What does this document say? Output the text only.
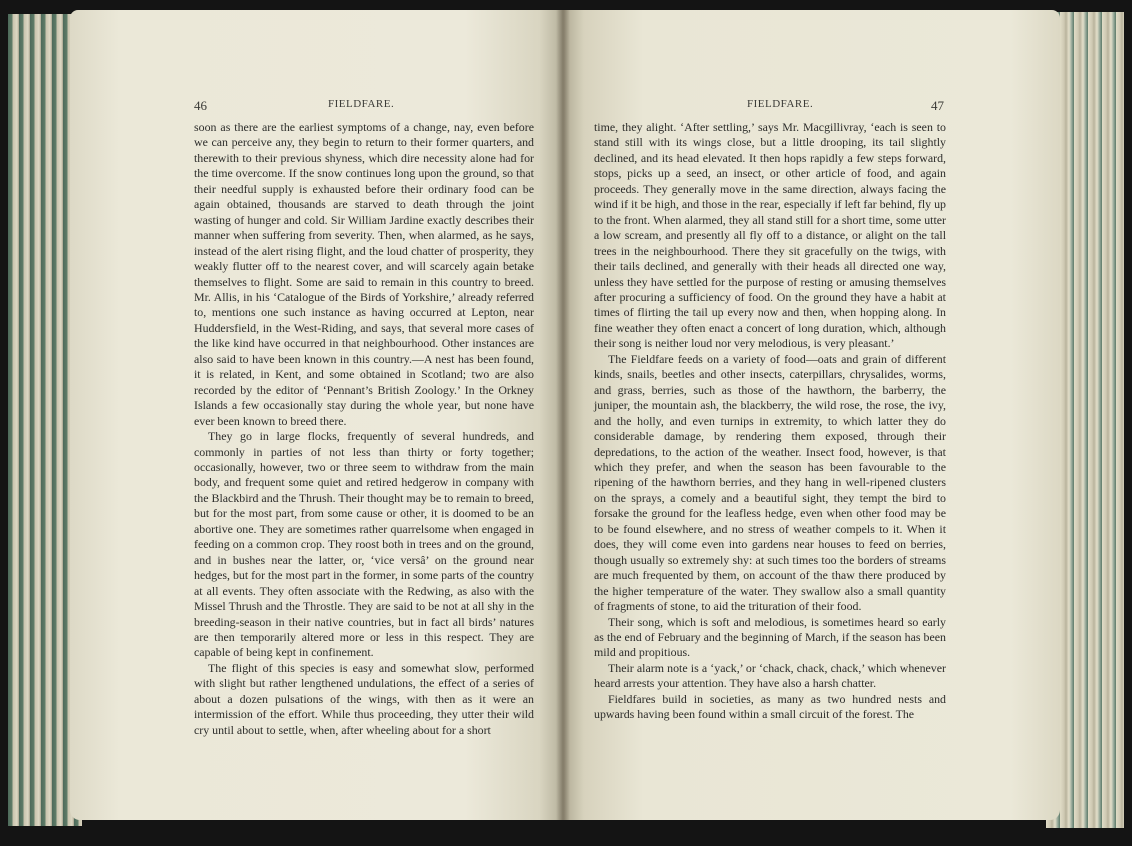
46	FIELDFARE.	FIELDFARE.	47

soon as there are the earliest symptoms of a change, nay, even before we can perceive any, they begin to return to their former quarters, and therewith to their previous shyness, which dire necessity alone had for the time overcome. If the snow continues long upon the ground, so that their needful supply is exhausted before their ordinary food can be again obtained, thousands are starved to death through the joint wasting of hunger and cold. Sir William Jardine exactly describes their manner when suffering from severity. Then, when alarmed, as he says, instead of the alert rising flight, and the loud chatter of prosperity, they weakly flutter off to the nearest cover, and will scarcely again betake themselves to flight. Some are said to remain in this country to breed. Mr. Allis, in his ‘Catalogue of the Birds of Yorkshire,’ already referred to, mentions one such instance as having occurred at Lepton, near Huddersfield, in the West-Riding, and says, that several more cases of the like kind have occurred in that neighbourhood. Other instances are also said to have been known in this country.—A nest has been found, it is related, in Kent, and some obtained in Scotland; two are also recorded by the editor of ‘Pennant’s British Zoology.’ In the Orkney Islands a few occasionally stay during the whole year, but none have ever been known to breed there.

They go in large flocks, frequently of several hundreds, and commonly in parties of not less than thirty or forty together; occasionally, however, two or three seem to withdraw from the main body, and frequent some quiet and retired hedgerow in company with the Blackbird and the Thrush. Their thought may be to remain to breed, but for the most part, from some cause or other, it is doomed to be an abortive one. They are sometimes rather quarrelsome when engaged in feeding on a common crop. They roost both in trees and on the ground, and in bushes near the latter, or, ‘vice versâ’ on the ground near hedges, but for the most part in the former, in some parts of the country at all events. They often associate with the Redwing, as also with the Missel Thrush and the Throstle. They are said to be not at all shy in the breeding-season in their native countries, but in fact all birds’ natures are then temporarily altered more or less in this respect. They are capable of being kept in confinement.

The flight of this species is easy and somewhat slow, performed with slight but rather lengthened undulations, the effect of a series of about a dozen pulsations of the wings, with then as it were an intermission of the effort. While thus proceeding, they utter their wild cry until about to settle, when, after wheeling about for a short

time, they alight. ‘After settling,’ says Mr. Macgillivray, ‘each is seen to stand still with its wings close, but a little drooping, its tail slightly declined, and its head elevated. It then hops rapidly a few steps forward, stops, picks up a seed, an insect, or other article of food, and again proceeds. They generally move in the same direction, always facing the wind if it be high, and those in the rear, especially if left far behind, fly up to the front. When alarmed, they all stand still for a short time, some utter a low scream, and presently all fly off to a distance, or alight on the tall trees in the neighbourhood. There they sit gracefully on the twigs, with their tails declined, and generally with their heads all directed one way, unless they have settled for the purpose of resting or amusing themselves after procuring a sufficiency of food. On the ground they have a habit at times of flirting the tail up every now and then, when hopping along. In fine weather they often enact a concert of long duration, which, although their song is neither loud nor very melodious, is very pleasant.’

The Fieldfare feeds on a variety of food—oats and grain of different kinds, snails, beetles and other insects, caterpillars, chrysalides, worms, and grass, berries, such as those of the hawthorn, the barberry, the juniper, the mountain ash, the blackberry, the wild rose, the rose, the ivy, and the holly, and even turnips in extremity, to which latter they do considerable damage, by rendering them exposed, through their depredations, to the action of the weather. Insect food, however, is that which they prefer, and when the season has been favourable to the ripening of the hawthorn berries, and they hang in well-ripened clusters on the sprays, a comely and a beautiful sight, they tempt the bird to forsake the ground for the leafless hedge, even when other food may be to be found elsewhere, and no stress of weather compels to it. When it does, they will come even into gardens near houses to feed on berries, though usually so extremely shy: at such times too the borders of streams are much frequented by them, on account of the thaw there produced by the higher temperature of the water. They swallow also a small quantity of fragments of stone, to aid the trituration of their food.

Their song, which is soft and melodious, is sometimes heard so early as the end of February and the beginning of March, if the season has been mild and propitious.

Their alarm note is a ‘yack,’ or ‘chack, chack, chack,’ which whenever heard arrests your attention. They have also a harsh chatter.

Fieldfares build in societies, as many as two hundred nests and upwards having been found within a small circuit of the forest. The
